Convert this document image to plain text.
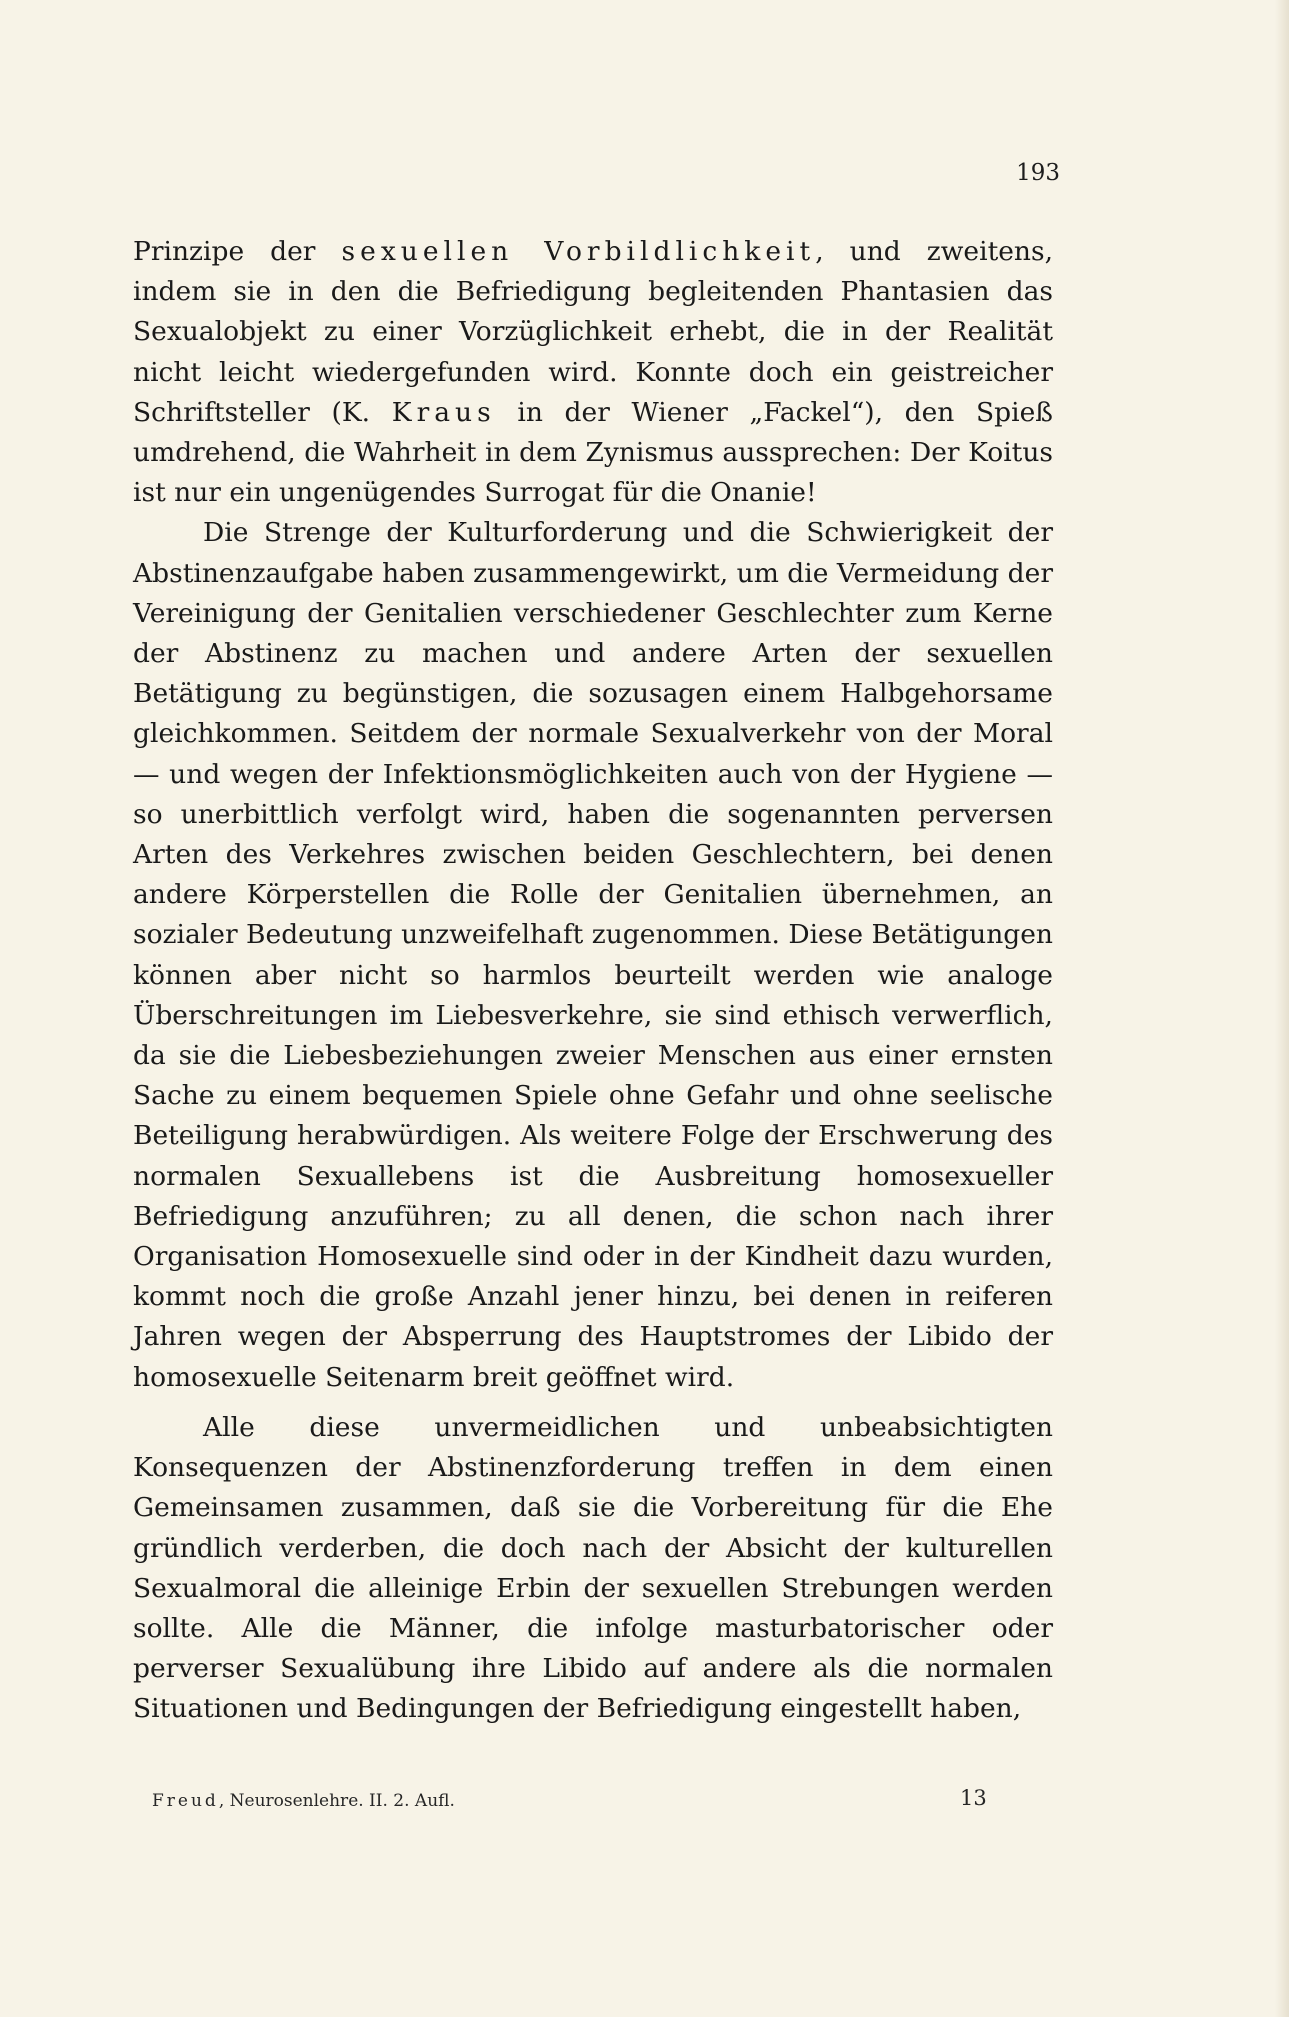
193

Prinzipe der sexuellen Vorbildlichkeit, und zweitens, indem sie in den die Befriedigung begleitenden Phantasien das Sexualobjekt zu einer Vorzüglichkeit erhebt, die in der Realität nicht leicht wiedergefunden wird. Konnte doch ein geistreicher Schriftsteller (K. Kraus in der Wiener „Fackel“), den Spieß umdrehend, die Wahrheit in dem Zynismus aussprechen: Der Koitus ist nur ein ungenügendes Surrogat für die Onanie!

Die Strenge der Kulturforderung und die Schwierigkeit der Abstinenzaufgabe haben zusammengewirkt, um die Vermeidung der Vereinigung der Genitalien verschiedener Geschlechter zum Kerne der Abstinenz zu machen und andere Arten der sexuellen Betätigung zu begünstigen, die sozusagen einem Halbgehorsame gleichkommen. Seitdem der normale Sexualverkehr von der Moral — und wegen der Infektionsmöglichkeiten auch von der Hygiene — so unerbittlich verfolgt wird, haben die sogenannten perversen Arten des Verkehres zwischen beiden Geschlechtern, bei denen andere Körperstellen die Rolle der Genitalien übernehmen, an sozialer Bedeutung unzweifelhaft zugenommen. Diese Betätigungen können aber nicht so harmlos beurteilt werden wie analoge Überschreitungen im Liebesverkehre, sie sind ethisch verwerflich, da sie die Liebesbeziehungen zweier Menschen aus einer ernsten Sache zu einem bequemen Spiele ohne Gefahr und ohne seelische Beteiligung herabwürdigen. Als weitere Folge der Erschwerung des normalen Sexuallebens ist die Ausbreitung homosexueller Befriedigung anzuführen; zu all denen, die schon nach ihrer Organisation Homosexuelle sind oder in der Kindheit dazu wurden, kommt noch die große Anzahl jener hinzu, bei denen in reiferen Jahren wegen der Absperrung des Hauptstromes der Libido der homosexuelle Seitenarm breit geöffnet wird.

Alle diese unvermeidlichen und unbeabsichtigten Konsequenzen der Abstinenzforderung treffen in dem einen Gemeinsamen zusammen, daß sie die Vorbereitung für die Ehe gründlich verderben, die doch nach der Absicht der kulturellen Sexualmoral die alleinige Erbin der sexuellen Strebungen werden sollte. Alle die Männer, die infolge masturbatorischer oder perverser Sexualübung ihre Libido auf andere als die normalen Situationen und Bedingungen der Befriedigung eingestellt haben,

Freud, Neurosenlehre. II. 2. Aufl.	13
